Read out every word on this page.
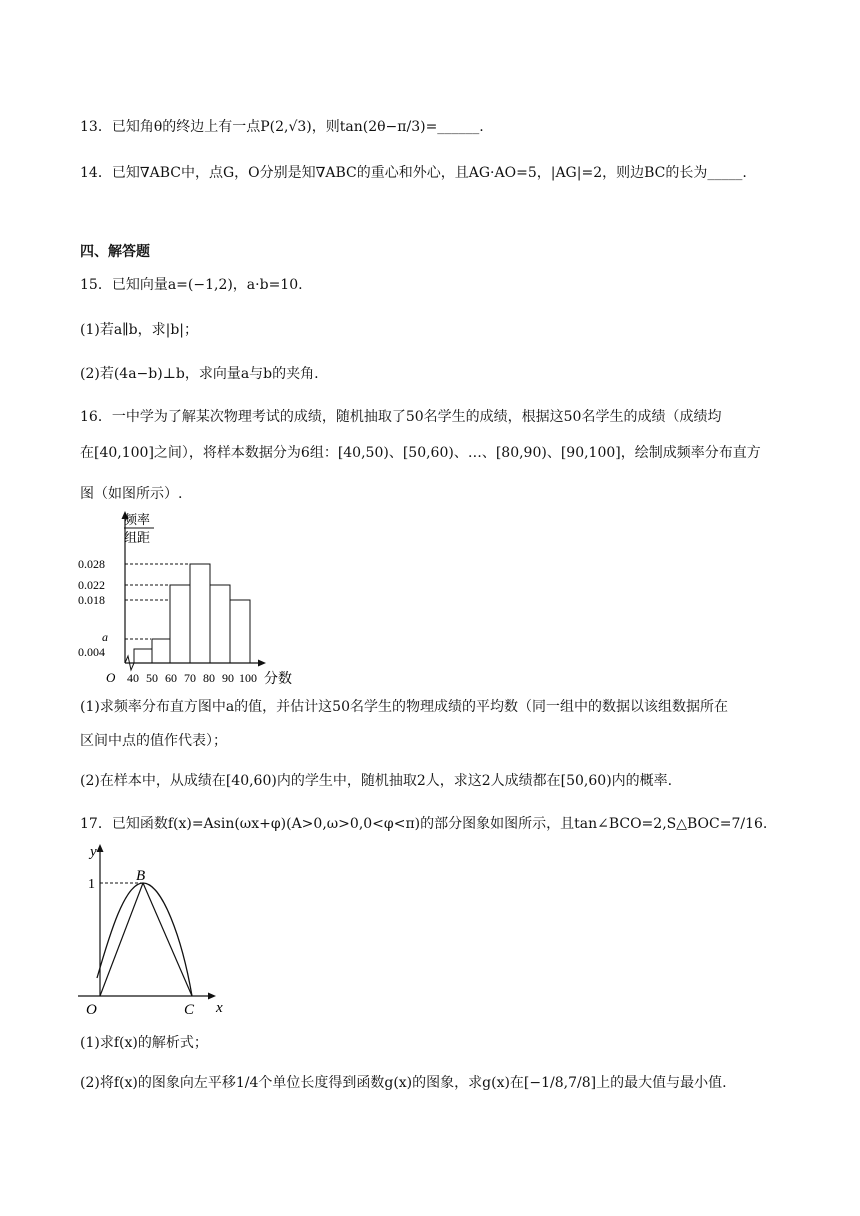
13．已知角θ的终边上有一点P(2,√3)，则tan(2θ−π/3)=______.
14．已知∇ABC中，点G，O分别是知∇ABC的重心和外心，且AG·AO=5，|AG|=2，则边BC的长为_____.
四、解答题
15．已知向量a=(−1,2)，a·b=10.
(1)若a∥b，求|b|；
(2)若(4a−b)⊥b，求向量a与b的夹角.
16．一中学为了解某次物理考试的成绩，随机抽取了50名学生的成绩，根据这50名学生的成绩（成绩均
在[40,100]之间），将样本数据分为6组：[40,50)、[50,60)、…、[80,90)、[90,100]，绘制成频率分布直方
图（如图所示）.
频率
组距
0.028
0.022
0.018
a
0.004
O 40 50 60 70 80 90 100 分数
(1)求频率分布直方图中a的值，并估计这50名学生的物理成绩的平均数（同一组中的数据以该组数据所在
区间中点的值作代表）；
(2)在样本中，从成绩在[40,60)内的学生中，随机抽取2人，求这2人成绩都在[50,60)内的概率.
17．已知函数f(x)=Asin(ωx+φ)(A>0,ω>0,0<φ<π)的部分图象如图所示，且tan∠BCO=2,S△BOC=7/16.
y
x
O
1
B
C
(1)求f(x)的解析式；
(2)将f(x)的图象向左平移1/4个单位长度得到函数g(x)的图象，求g(x)在[−1/8,7/8]上的最大值与最小值.
